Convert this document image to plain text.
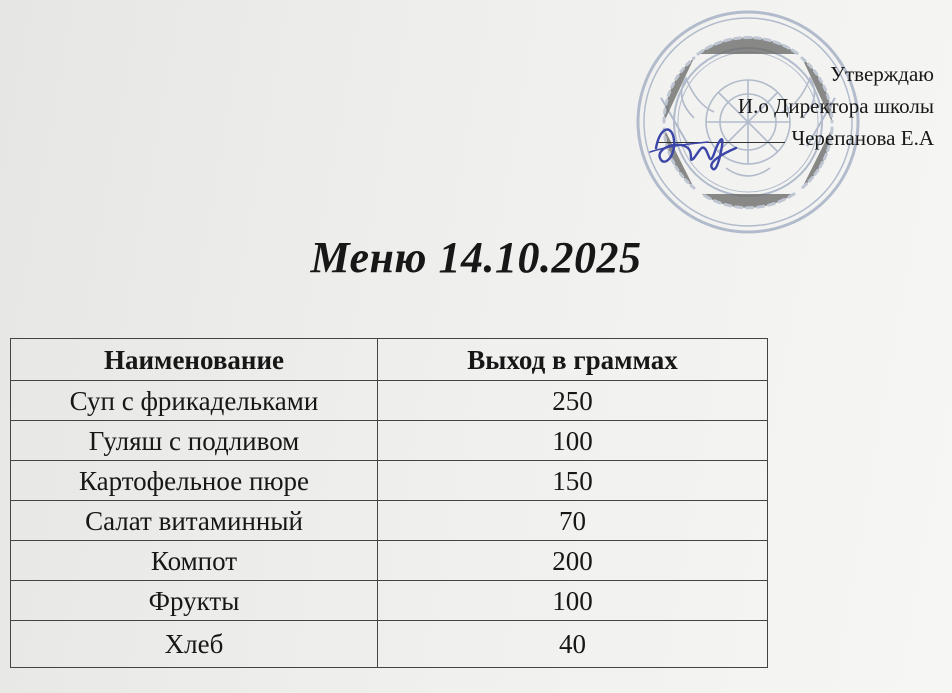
Утверждаю
И.о Директора школы
Черепанова Е.А
Меню 14.10.2025
Наименование	Выход в граммах
Суп с фрикадельками	250
Гуляш с подливом	100
Картофельное пюре	150
Салат витаминный	70
Компот	200
Фрукты	100
Хлеб	40
